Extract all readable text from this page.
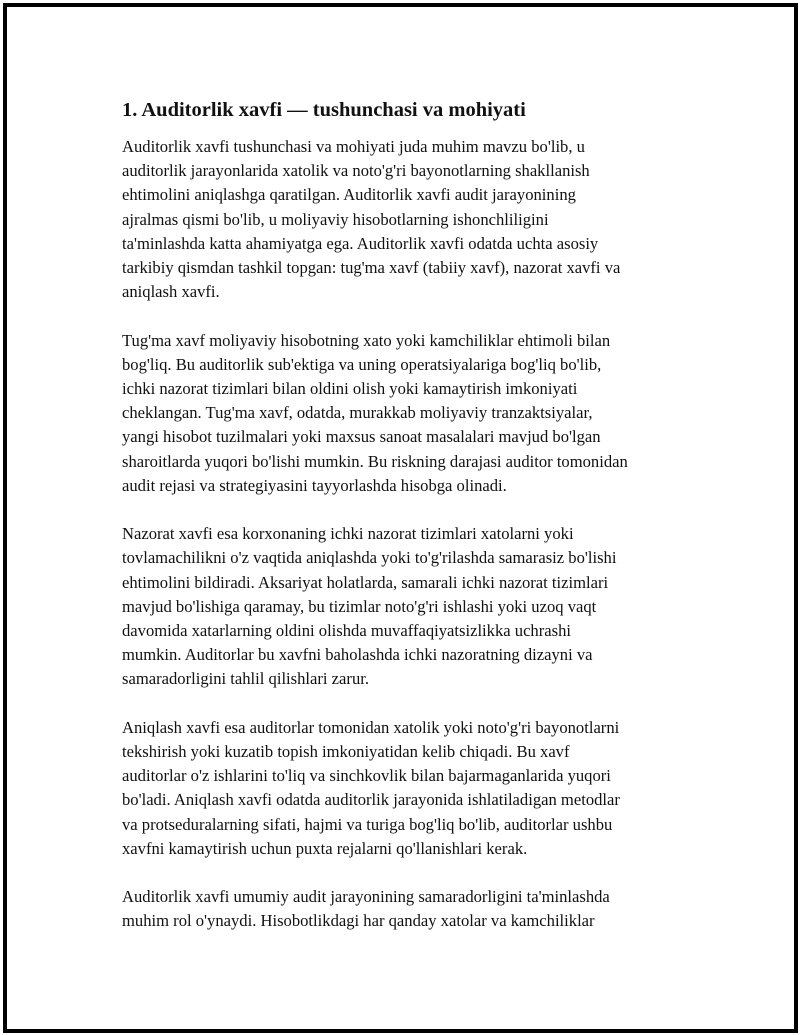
1. Auditorlik xavfi — tushunchasi va mohiyati

Auditorlik xavfi tushunchasi va mohiyati juda muhim mavzu bo'lib, u
auditorlik jarayonlarida xatolik va noto'g'ri bayonotlarning shakllanish
ehtimolini aniqlashga qaratilgan. Auditorlik xavfi audit jarayonining
ajralmas qismi bo'lib, u moliyaviy hisobotlarning ishonchliligini
ta'minlashda katta ahamiyatga ega. Auditorlik xavfi odatda uchta asosiy
tarkibiy qismdan tashkil topgan: tug'ma xavf (tabiiy xavf), nazorat xavfi va
aniqlash xavfi.

Tug'ma xavf moliyaviy hisobotning xato yoki kamchiliklar ehtimoli bilan
bog'liq. Bu auditorlik sub'ektiga va uning operatsiyalariga bog'liq bo'lib,
ichki nazorat tizimlari bilan oldini olish yoki kamaytirish imkoniyati
cheklangan. Tug'ma xavf, odatda, murakkab moliyaviy tranzaktsiyalar,
yangi hisobot tuzilmalari yoki maxsus sanoat masalalari mavjud bo'lgan
sharoitlarda yuqori bo'lishi mumkin. Bu riskning darajasi auditor tomonidan
audit rejasi va strategiyasini tayyorlashda hisobga olinadi.

Nazorat xavfi esa korxonaning ichki nazorat tizimlari xatolarni yoki
tovlamachilikni o'z vaqtida aniqlashda yoki to'g'rilashda samarasiz bo'lishi
ehtimolini bildiradi. Aksariyat holatlarda, samarali ichki nazorat tizimlari
mavjud bo'lishiga qaramay, bu tizimlar noto'g'ri ishlashi yoki uzoq vaqt
davomida xatarlarning oldini olishda muvaffaqiyatsizlikka uchrashi
mumkin. Auditorlar bu xavfni baholashda ichki nazoratning dizayni va
samaradorligini tahlil qilishlari zarur.

Aniqlash xavfi esa auditorlar tomonidan xatolik yoki noto'g'ri bayonotlarni
tekshirish yoki kuzatib topish imkoniyatidan kelib chiqadi. Bu xavf
auditorlar o'z ishlarini to'liq va sinchkovlik bilan bajarmaganlarida yuqori
bo'ladi. Aniqlash xavfi odatda auditorlik jarayonida ishlatiladigan metodlar
va protseduralarning sifati, hajmi va turiga bog'liq bo'lib, auditorlar ushbu
xavfni kamaytirish uchun puxta rejalarni qo'llanishlari kerak.

Auditorlik xavfi umumiy audit jarayonining samaradorligini ta'minlashda
muhim rol o'ynaydi. Hisobotlikdagi har qanday xatolar va kamchiliklar
